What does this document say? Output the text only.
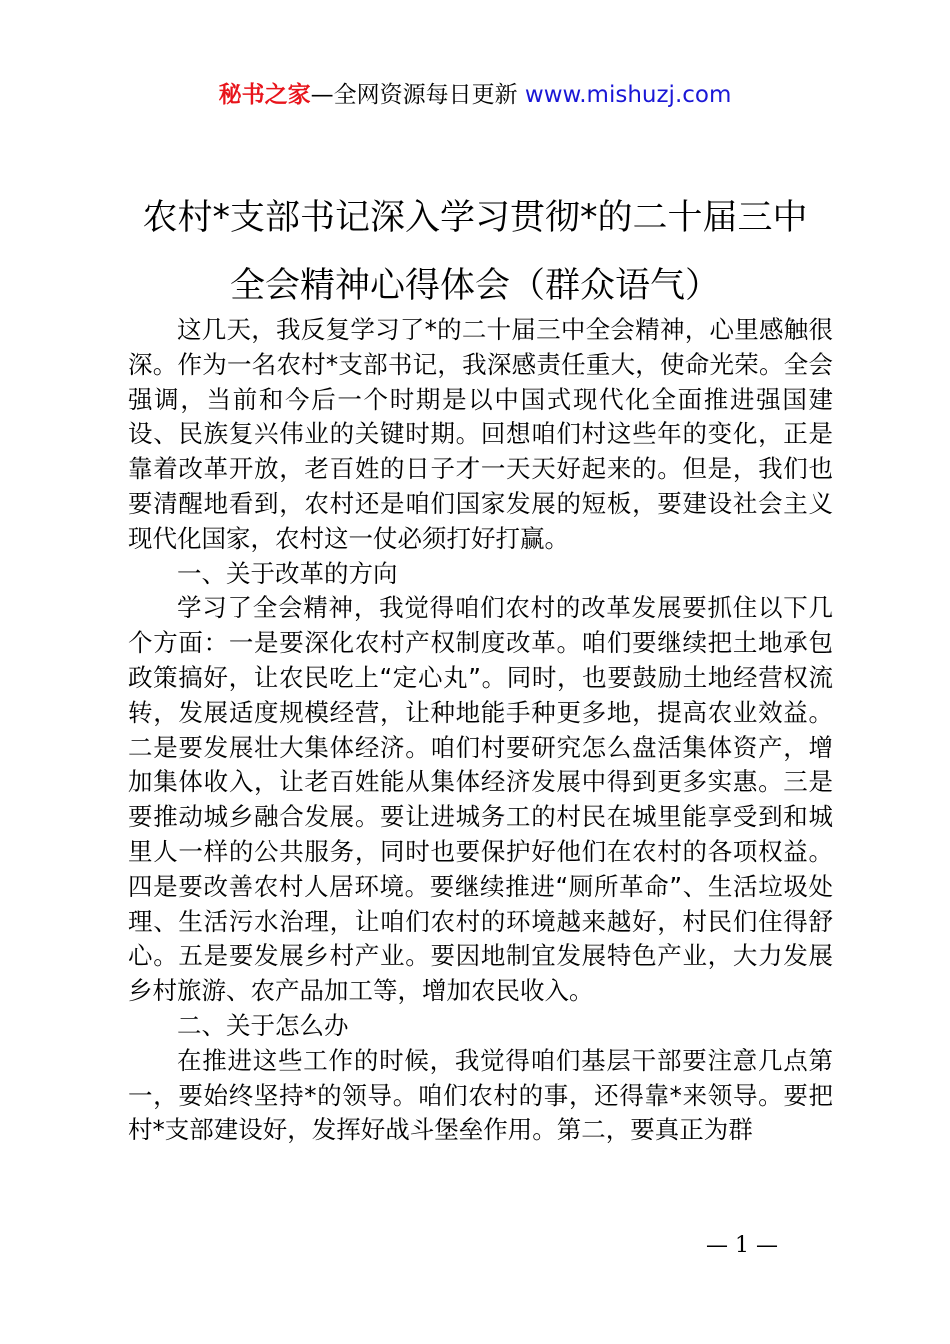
秘书之家—全网资源每日更新 www.mishuzj.com
农村*支部书记深入学习贯彻*的二十届三中
全会精神心得体会（群众语气）

这几天，我反复学习了*的二十届三中全会精神，心里感触很深。作为一名农村*支部书记，我深感责任重大，使命光荣。全会强调，当前和今后一个时期是以中国式现代化全面推进强国建设、民族复兴伟业的关键时期。回想咱们村这些年的变化，正是靠着改革开放，老百姓的日子才一天天好起来的。但是，我们也要清醒地看到，农村还是咱们国家发展的短板，要建设社会主义现代化国家，农村这一仗必须打好打赢。

一、关于改革的方向

学习了全会精神，我觉得咱们农村的改革发展要抓住以下几个方面：一是要深化农村产权制度改革。咱们要继续把土地承包政策搞好，让农民吃上“定心丸”。同时，也要鼓励土地经营权流转，发展适度规模经营，让种地能手种更多地，提高农业效益。二是要发展壮大集体经济。咱们村要研究怎么盘活集体资产，增加集体收入，让老百姓能从集体经济发展中得到更多实惠。三是要推动城乡融合发展。要让进城务工的村民在城里能享受到和城里人一样的公共服务，同时也要保护好他们在农村的各项权益。四是要改善农村人居环境。要继续推进“厕所革命”、生活垃圾处理、生活污水治理，让咱们农村的环境越来越好，村民们住得舒心。五是要发展乡村产业。要因地制宜发展特色产业，大力发展乡村旅游、农产品加工等，增加农民收入。

二、关于怎么办

在推进这些工作的时候，我觉得咱们基层干部要注意几点第一，要始终坚持*的领导。咱们农村的事，还得靠*来领导。要把村*支部建设好，发挥好战斗堡垒作用。第二，要真正为群

— 1 —
